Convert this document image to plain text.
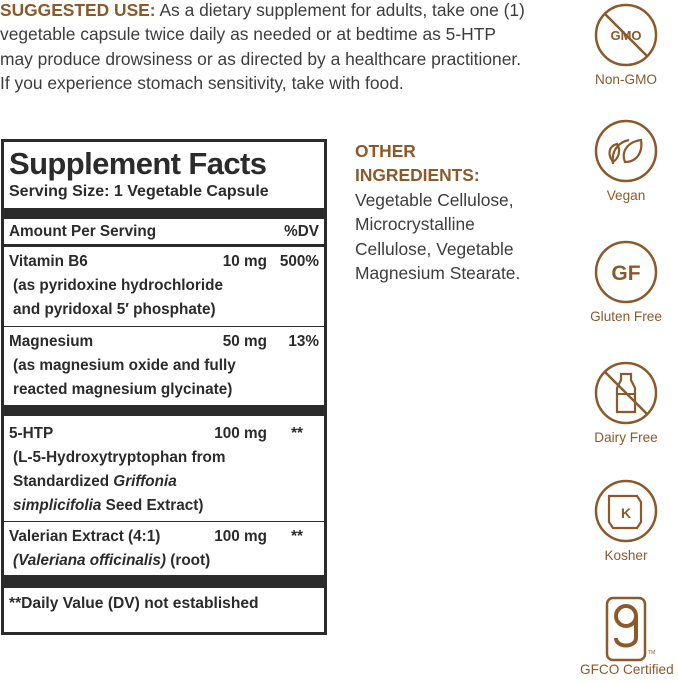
SUGGESTED USE: As a dietary supplement for adults, take one (1) vegetable capsule twice daily as needed or at bedtime as 5-HTP may produce drowsiness or as directed by a healthcare practitioner. If you experience stomach sensitivity, take with food.
Supplement Facts
Serving Size: 1 Vegetable Capsule
Amount Per Serving	%DV
Vitamin B6	10 mg 500%
(as pyridoxine hydrochloride
and pyridoxal 5′ phosphate)
Magnesium	50 mg	13%
(as magnesium oxide and fully
reacted magnesium glycinate)
5-HTP	100 mg	**
(L-5-Hydroxytryptophan from
Standardized Griffonia
simplicifolia Seed Extract)
Valerian Extract (4:1)	100 mg	**
(Valeriana officinalis) (root)
**Daily Value (DV) not established
OTHER
INGREDIENTS:
Vegetable Cellulose, Microcrystalline Cellulose, Vegetable Magnesium Stearate.
GMO
Non-GMO
Vegan
GF
Gluten Free
Dairy Free
K
Kosher
TM
GFCO Certified
